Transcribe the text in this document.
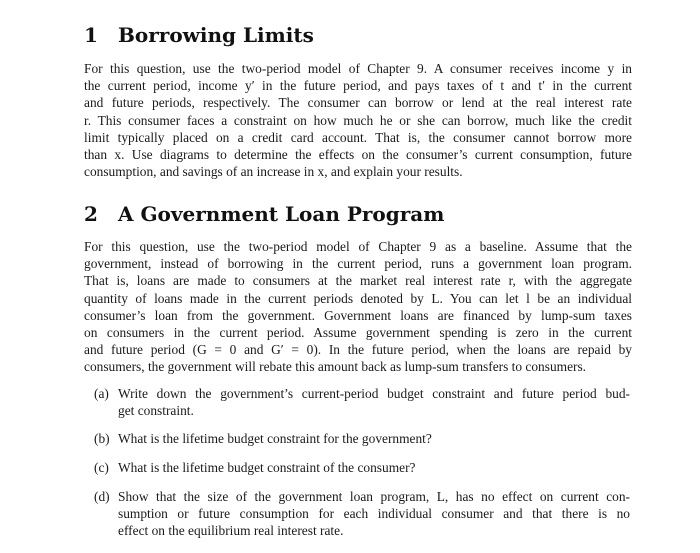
1 Borrowing Limits
For this question, use the two-period model of Chapter 9. A consumer receives income y in
the current period, income y′ in the future period, and pays taxes of t and t′ in the current
and future periods, respectively. The consumer can borrow or lend at the real interest rate
r. This consumer faces a constraint on how much he or she can borrow, much like the credit
limit typically placed on a credit card account. That is, the consumer cannot borrow more
than x. Use diagrams to determine the effects on the consumer’s current consumption, future
consumption, and savings of an increase in x, and explain your results.
2 A Government Loan Program
For this question, use the two-period model of Chapter 9 as a baseline. Assume that the
government, instead of borrowing in the current period, runs a government loan program.
That is, loans are made to consumers at the market real interest rate r, with the aggregate
quantity of loans made in the current periods denoted by L. You can let l be an individual
consumer’s loan from the government. Government loans are financed by lump-sum taxes
on consumers in the current period. Assume government spending is zero in the current
and future period (G = 0 and G′ = 0). In the future period, when the loans are repaid by
consumers, the government will rebate this amount back as lump-sum transfers to consumers.
(a) Write down the government’s current-period budget constraint and future period bud-
get constraint.
(b) What is the lifetime budget constraint for the government?
(c) What is the lifetime budget constraint of the consumer?
(d) Show that the size of the government loan program, L, has no effect on current con-
sumption or future consumption for each individual consumer and that there is no
effect on the equilibrium real interest rate.
